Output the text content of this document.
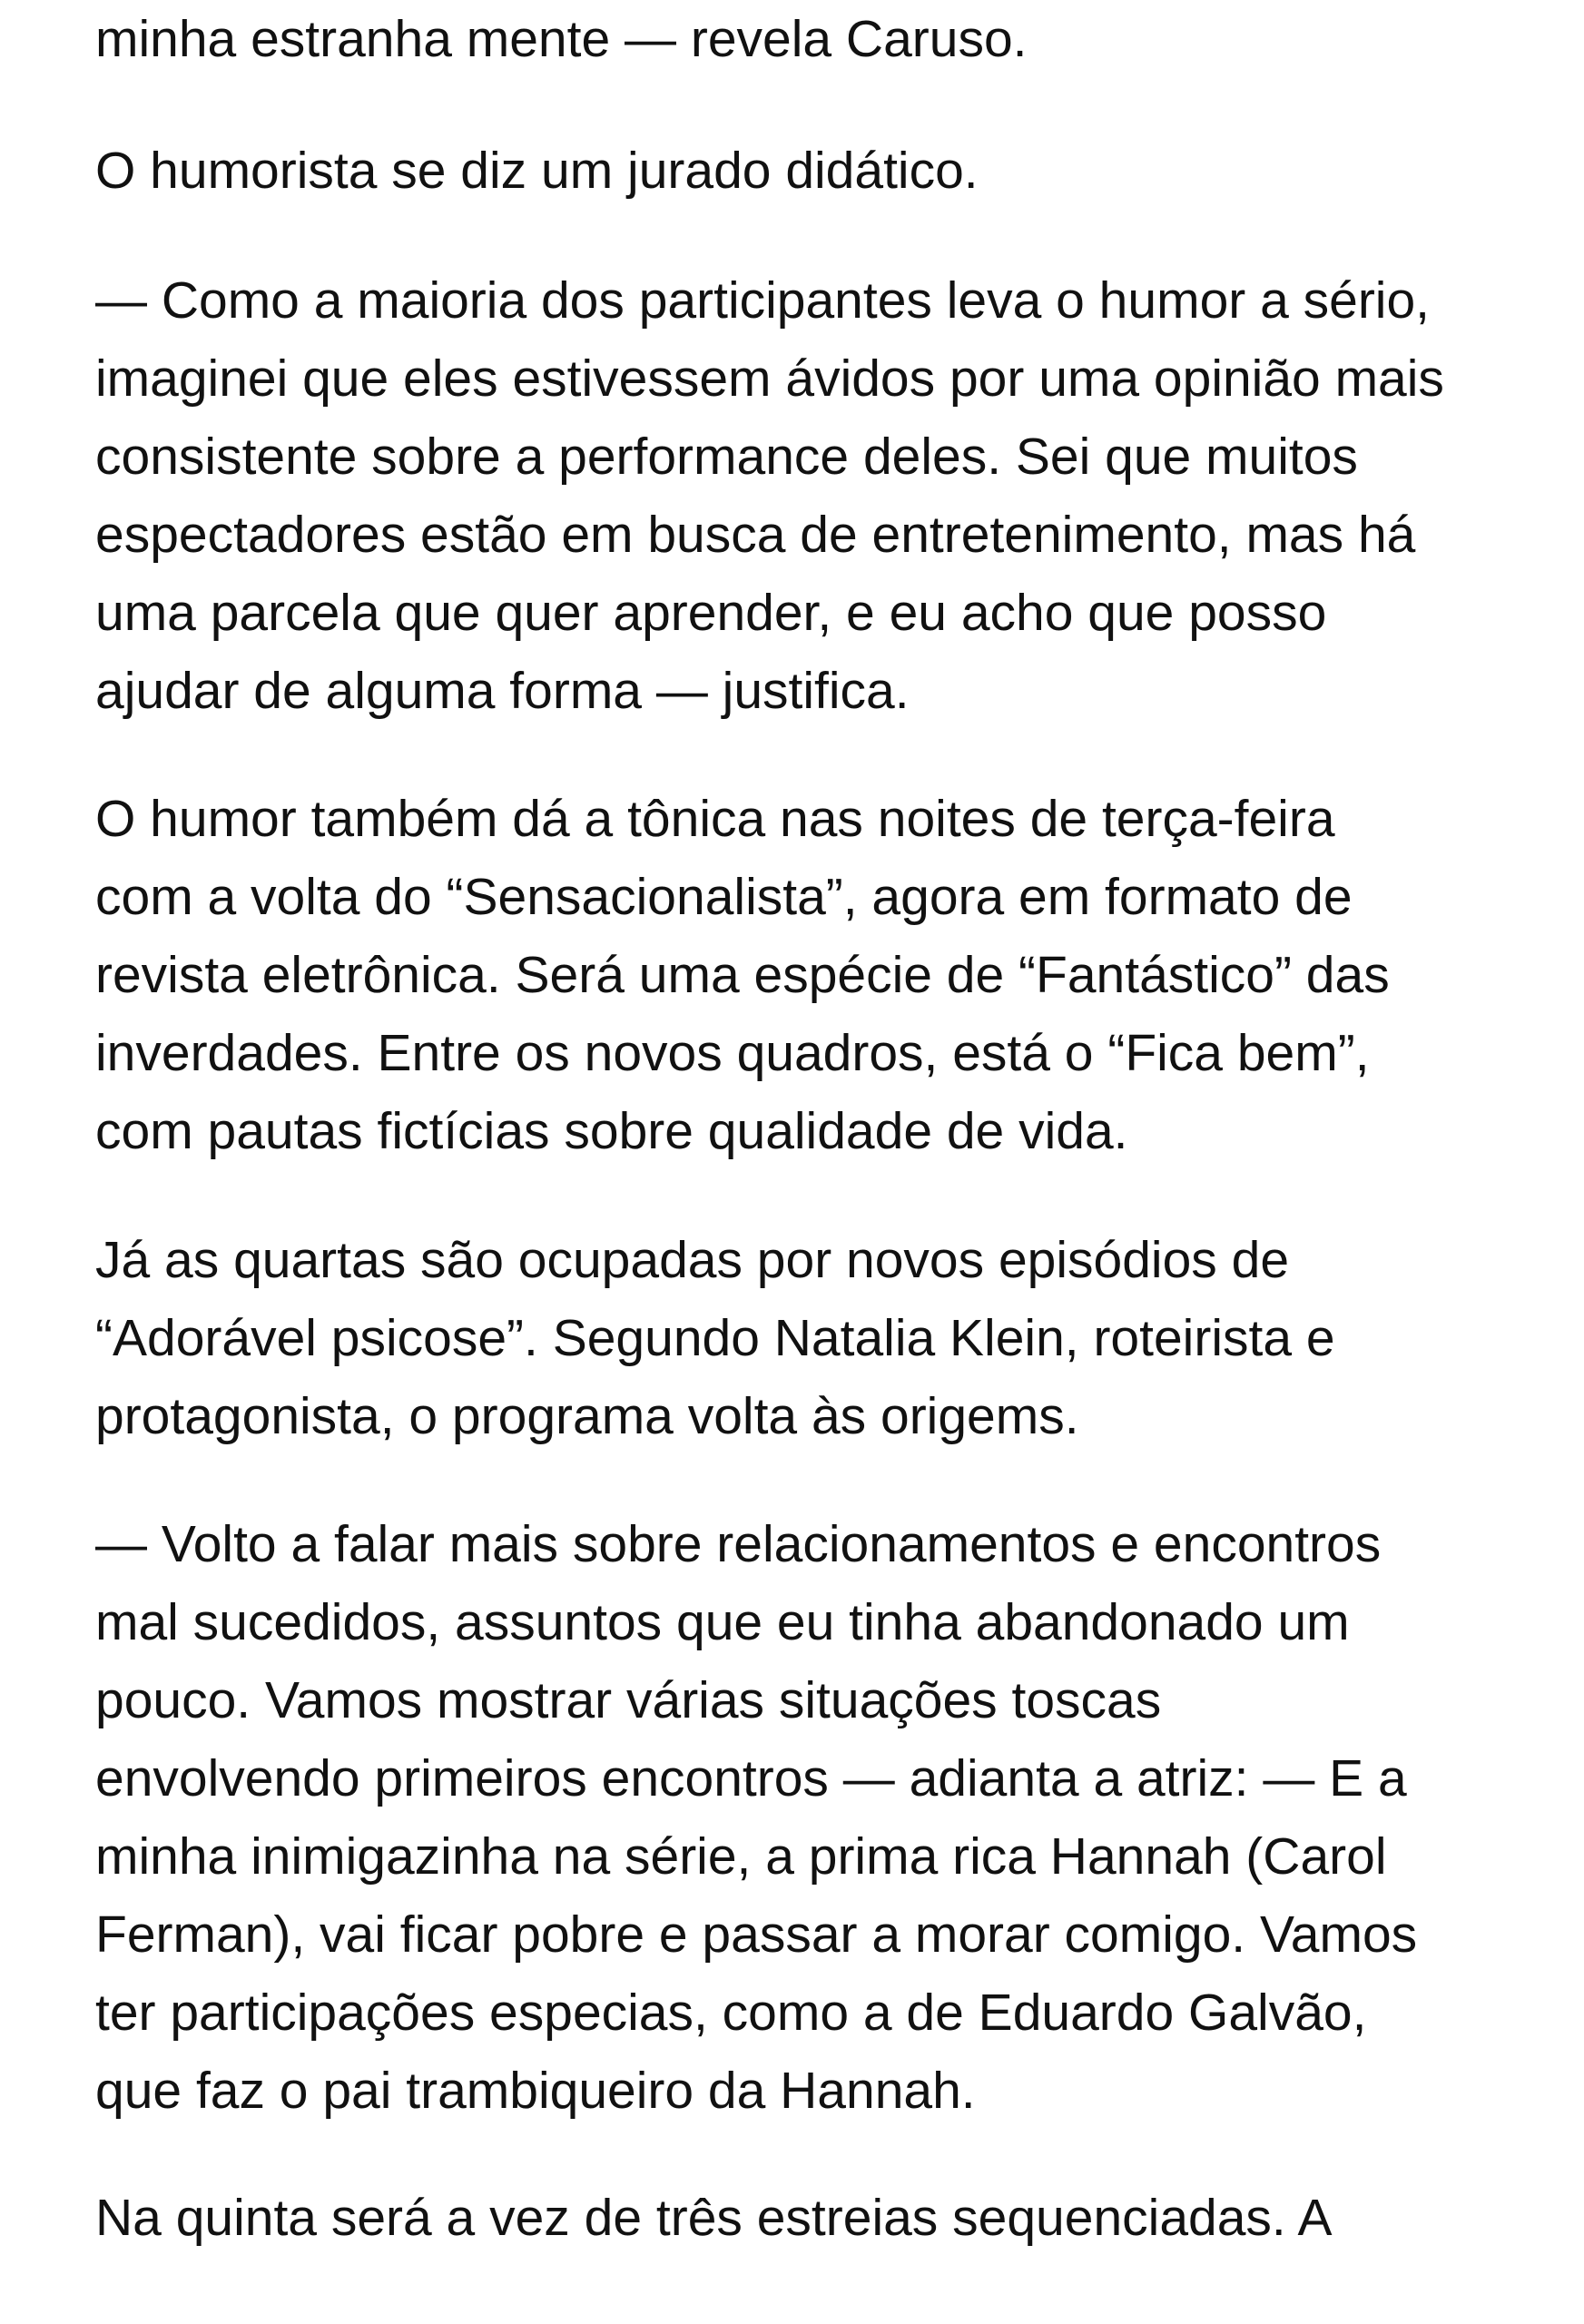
minha estranha mente — revela Caruso.

O humorista se diz um jurado didático.

— Como a maioria dos participantes leva o humor a sério,
imaginei que eles estivessem ávidos por uma opinião mais
consistente sobre a performance deles. Sei que muitos
espectadores estão em busca de entretenimento, mas há
uma parcela que quer aprender, e eu acho que posso
ajudar de alguma forma — justifica.

O humor também dá a tônica nas noites de terça-feira
com a volta do “Sensacionalista”, agora em formato de
revista eletrônica. Será uma espécie de “Fantástico” das
inverdades. Entre os novos quadros, está o “Fica bem”,
com pautas fictícias sobre qualidade de vida.

Já as quartas são ocupadas por novos episódios de
“Adorável psicose”. Segundo Natalia Klein, roteirista e
protagonista, o programa volta às origems.

— Volto a falar mais sobre relacionamentos e encontros
mal sucedidos, assuntos que eu tinha abandonado um
pouco. Vamos mostrar várias situações toscas
envolvendo primeiros encontros — adianta a atriz: — E a
minha inimigazinha na série, a prima rica Hannah (Carol
Ferman), vai ficar pobre e passar a morar comigo. Vamos
ter participações especias, como a de Eduardo Galvão,
que faz o pai trambiqueiro da Hannah.

Na quinta será a vez de três estreias sequenciadas. A
